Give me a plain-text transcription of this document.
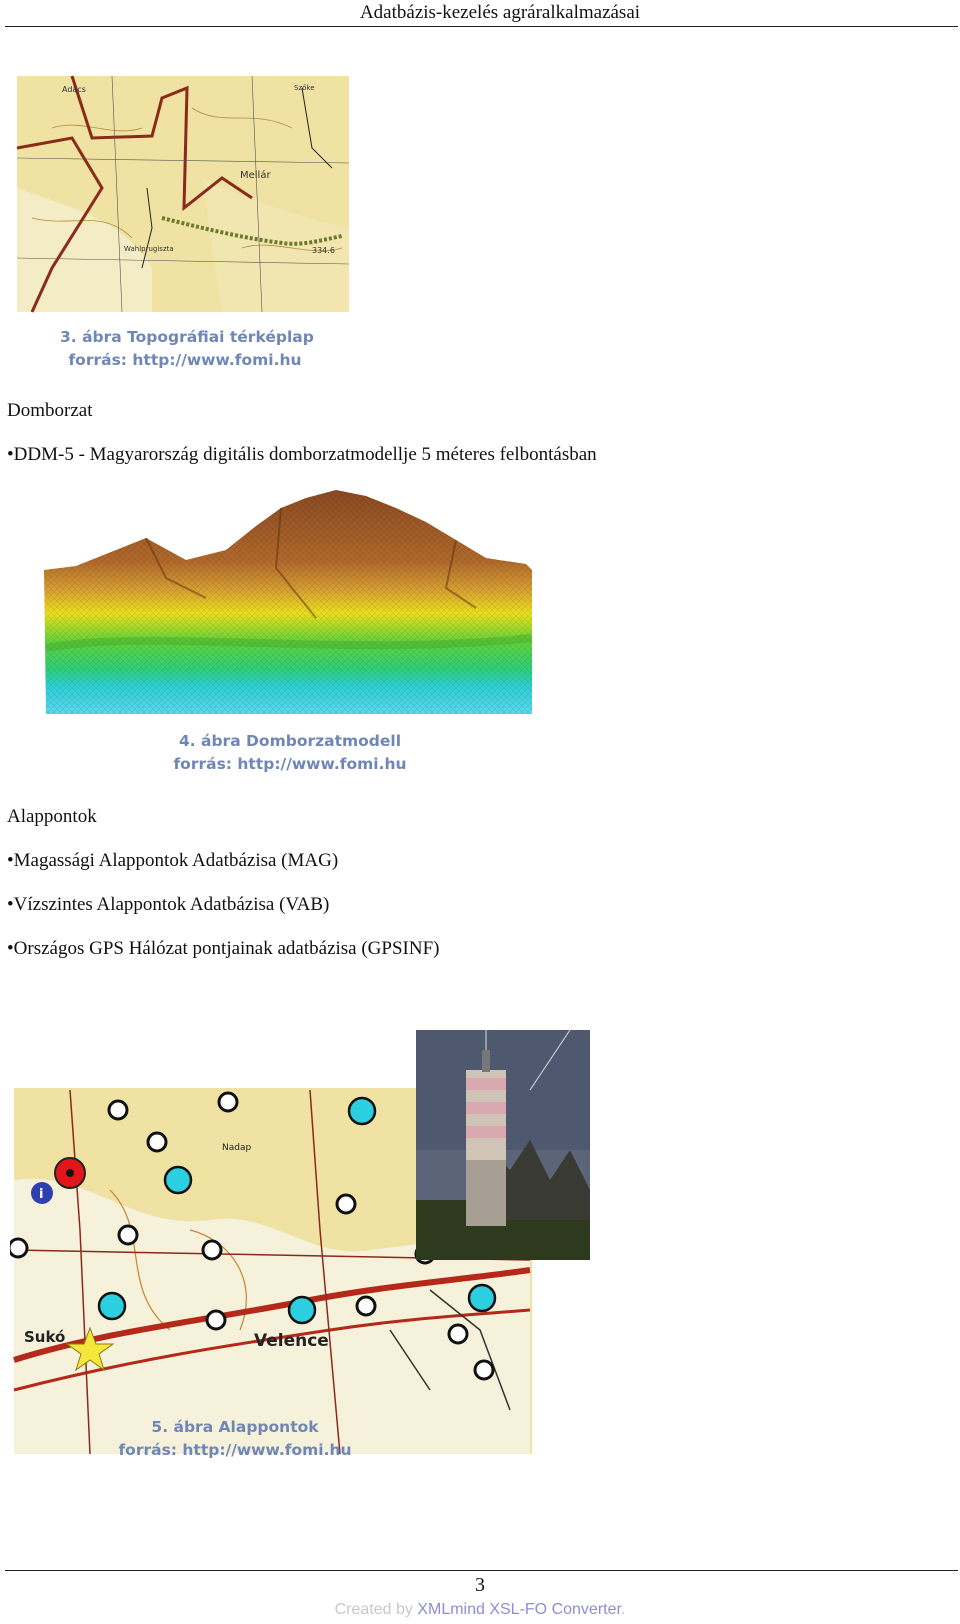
Adatbázis-kezelés agráralkalmazásai
Adács
Mellár
Wahlprugiszta
Szőke
334.6
3. ábra Topográfiai térképlap
forrás: http://www.fomi.hu
Domborzat
•DDM-5 - Magyarország digitális domborzatmodellje 5 méteres felbontásban
4. ábra Domborzatmodell
forrás: http://www.fomi.hu
Alappontok
•Magassági Alappontok Adatbázisa (MAG)
•Vízszintes Alappontok Adatbázisa (VAB)
•Országos GPS Hálózat pontjainak adatbázisa (GPSINF)
i
Sukó	Velence
Nadap
5. ábra Alappontok
forrás: http://www.fomi.hu
3
Created by XMLmind XSL-FO Converter.
